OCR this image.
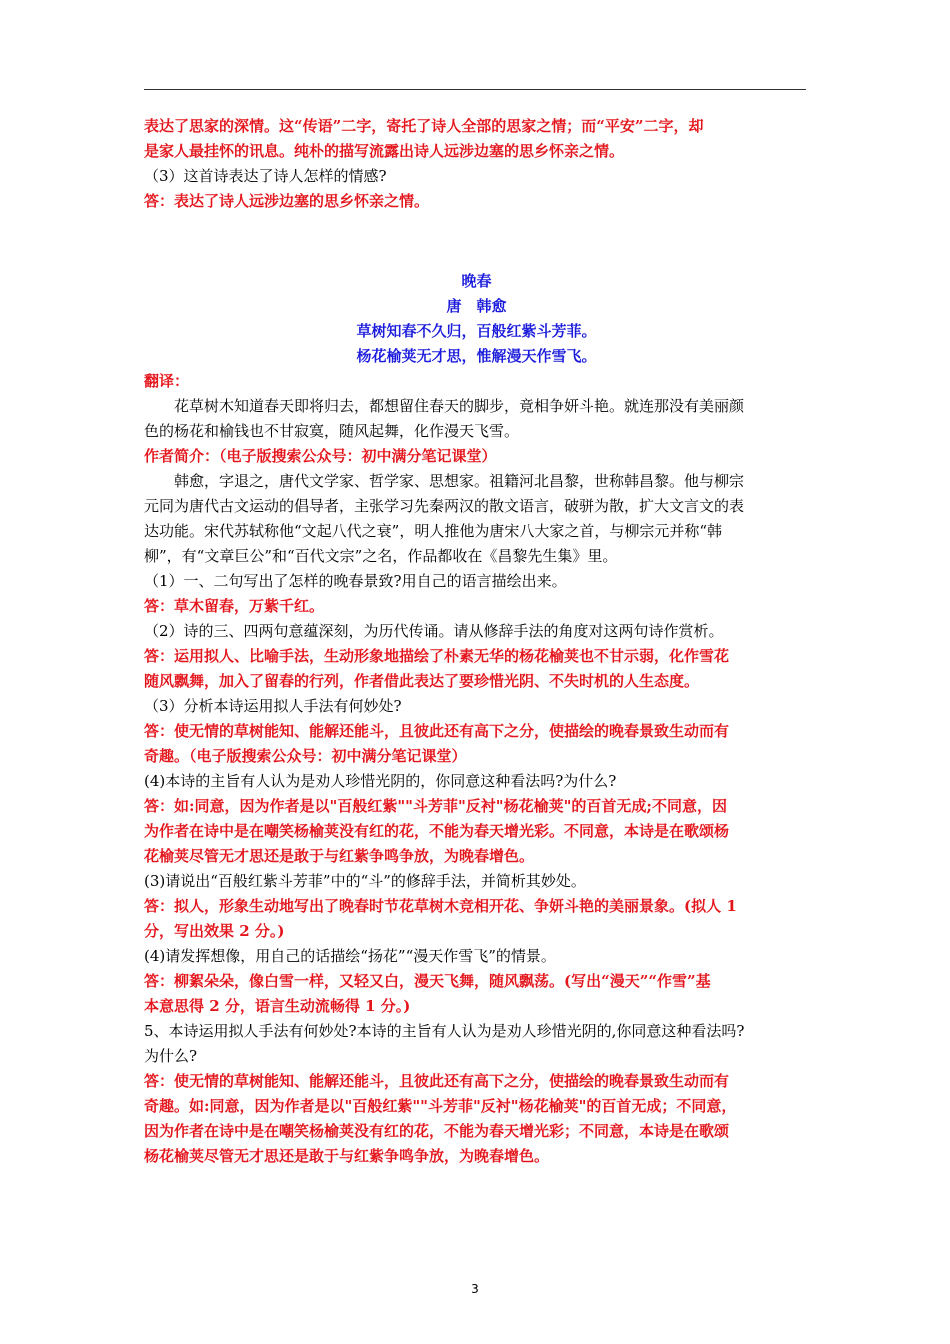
表达了思家的深情。这“传语”二字，寄托了诗人全部的思家之情；而“平安”二字，却

是家人最挂怀的讯息。纯朴的描写流露出诗人远涉边塞的思乡怀亲之情。

（3）这首诗表达了诗人怎样的情感?

答：表达了诗人远涉边塞的思乡怀亲之情。

晚春

唐　韩愈

草树知春不久归，百般红紫斗芳菲。

杨花榆荚无才思，惟解漫天作雪飞。

翻译：

花草树木知道春天即将归去，都想留住春天的脚步，竟相争妍斗艳。就连那没有美丽颜

色的杨花和榆钱也不甘寂寞，随风起舞，化作漫天飞雪。

作者简介：（电子版搜索公众号：初中满分笔记课堂）

韩愈，字退之，唐代文学家、哲学家、思想家。祖籍河北昌黎，世称韩昌黎。他与柳宗

元同为唐代古文运动的倡导者，主张学习先秦两汉的散文语言，破骈为散，扩大文言文的表

达功能。宋代苏轼称他“文起八代之衰”，明人推他为唐宋八大家之首，与柳宗元并称“韩

柳”，有“文章巨公”和“百代文宗”之名，作品都收在《昌黎先生集》里。

（1）一、二句写出了怎样的晚春景致?用自己的语言描绘出来。

答：草木留春，万紫千红。

（2）诗的三、四两句意蕴深刻，为历代传诵。请从修辞手法的角度对这两句诗作赏析。

答：运用拟人、比喻手法，生动形象地描绘了朴素无华的杨花榆荚也不甘示弱，化作雪花

随风飘舞，加入了留春的行列，作者借此表达了要珍惜光阴、不失时机的人生态度。

（3）分析本诗运用拟人手法有何妙处?

答：使无情的草树能知、能解还能斗，且彼此还有高下之分，使描绘的晚春景致生动而有

奇趣。（电子版搜索公众号：初中满分笔记课堂）

(4)本诗的主旨有人认为是劝人珍惜光阴的，你同意这种看法吗?为什么?

答：如:同意，因为作者是以"百般红紫""斗芳菲"反衬"杨花榆荚"的百首无成;不同意，因

为作者在诗中是在嘲笑杨榆荚没有红的花，不能为春天增光彩。不同意，本诗是在歌颂杨

花榆荚尽管无才思还是敢于与红紫争鸣争放，为晚春增色。

(3)请说出“百般红紫斗芳菲”中的“斗”的修辞手法，并简析其妙处。

答：拟人，形象生动地写出了晚春时节花草树木竞相开花、争妍斗艳的美丽景象。(拟人 1

分，写出效果 2 分。)

(4)请发挥想像，用自己的话描绘“扬花”“漫天作雪飞”的情景。

答：柳絮朵朵，像白雪一样，又轻又白，漫天飞舞，随风飘荡。(写出“漫天”“作雪”基

本意思得 2 分，语言生动流畅得 1 分。)

5、本诗运用拟人手法有何妙处?本诗的主旨有人认为是劝人珍惜光阴的,你同意这种看法吗?

为什么?

答：使无情的草树能知、能解还能斗，且彼此还有高下之分，使描绘的晚春景致生动而有

奇趣。如:同意，因为作者是以"百般红紫""斗芳菲"反衬"杨花榆荚"的百首无成；不同意，

因为作者在诗中是在嘲笑杨榆荚没有红的花，不能为春天增光彩；不同意，本诗是在歌颂

杨花榆荚尽管无才思还是敢于与红紫争鸣争放，为晚春增色。

3
